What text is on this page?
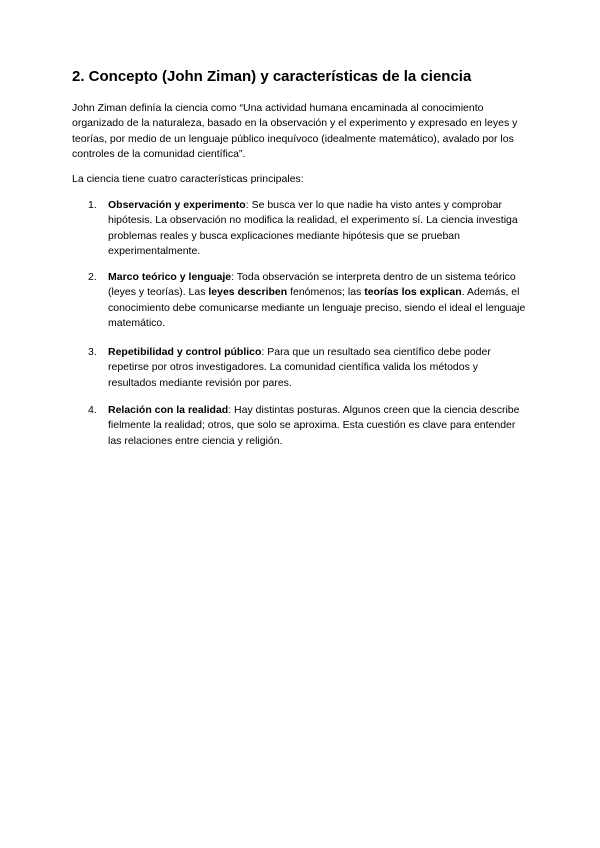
2. Concepto (John Ziman) y características de la ciencia

John Ziman definía la ciencia como “Una actividad humana encaminada al conocimiento organizado de la naturaleza, basado en la observación y el experimento y expresado en leyes y teorías, por medio de un lenguaje público inequívoco (idealmente matemático), avalado por los controles de la comunidad científica”.

La ciencia tiene cuatro características principales:

1.	Observación y experimento: Se busca ver lo que nadie ha visto antes y comprobar hipótesis. La observación no modifica la realidad, el experimento sí. La ciencia investiga problemas reales y busca explicaciones mediante hipótesis que se prueban experimentalmente.

2.	Marco teórico y lenguaje: Toda observación se interpreta dentro de un sistema teórico (leyes y teorías). Las leyes describen fenómenos; las teorías los explican. Además, el conocimiento debe comunicarse mediante un lenguaje preciso, siendo el ideal el lenguaje matemático.

3.	Repetibilidad y control público: Para que un resultado sea científico debe poder repetirse por otros investigadores. La comunidad científica valida los métodos y resultados mediante revisión por pares.

4.	Relación con la realidad: Hay distintas posturas. Algunos creen que la ciencia describe fielmente la realidad; otros, que solo se aproxima. Esta cuestión es clave para entender las relaciones entre ciencia y religión.
